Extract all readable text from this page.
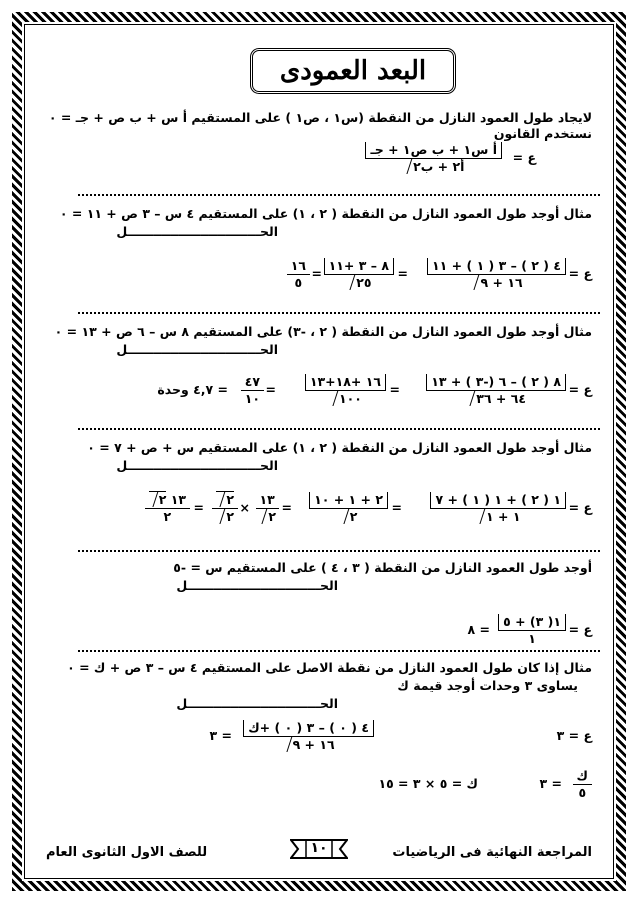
البعد العمودى
لايجاد طول العمود النازل من النقطة (س١ ، ص١ ) على المستقيم أ س + ب ص + جـ = ٠
نستخدم القانون
ع =
أ س١ + ب ص١ + جـ
أ٢ + ب٢
مثال أوجد طول العمود النازل من النقطة ( ٢ ، ١) على المستقيم ٤ س – ٣ ص + ١١ = ٠
الحـــــــــــــــــــــــــــــــل
ع =
٤ ( ٢ ) – ٣ ( ١ ) + ١١
١٦ + ٩
=
٨ – ٣ +١١
٢٥
=
١٦
٥
مثال أوجد طول العمود النازل من النقطة ( ٢ ، -٣) على المستقيم ٨ س – ٦ ص + ١٣ = ٠
الحـــــــــــــــــــــــــــــــل
ع =
٨ ( ٢ ) – ٦ (-٣ ) + ١٣
٦٤ + ٣٦
=
١٦ +١٨+١٣
١٠٠
=
٤٧
١٠
= ٤,٧ وحدة
مثال أوجد طول العمود النازل من النقطة ( ٢ ، ١) على المستقيم س + ص + ٧ = ٠
الحـــــــــــــــــــــــــــــــل
ع =
١ ( ٢ ) + ١ ( ١ ) + ٧
١ + ١
=
٢ + ١ + ١٠
٢
=
١٣
٢
×
٢
٢
=
١٣ ٢
٢
أوجد طول العمود النازل من النقطة ( ٣ ، ٤ ) على المستقيم س = -٥
الحـــــــــــــــــــــــــــــــل
ع =
١( ٣) + ٥
١
= ٨
مثال إذا كان طول العمود النازل من نقطة الاصل على المستقيم ٤ س – ٣ ص + ك = ٠
يساوى ٣ وحدات أوجد قيمة ك
الحـــــــــــــــــــــــــــــــل
ع = ٣
٤ ( ٠ ) – ٣ ( ٠ ) +ك
١٦ + ٩
= ٣
ك
٥
= ٣
ك = ٥ × ٣ = ١٥
المراجعة النهائية فى الرياضيات
للصف الاول الثانوى العام	١٠
